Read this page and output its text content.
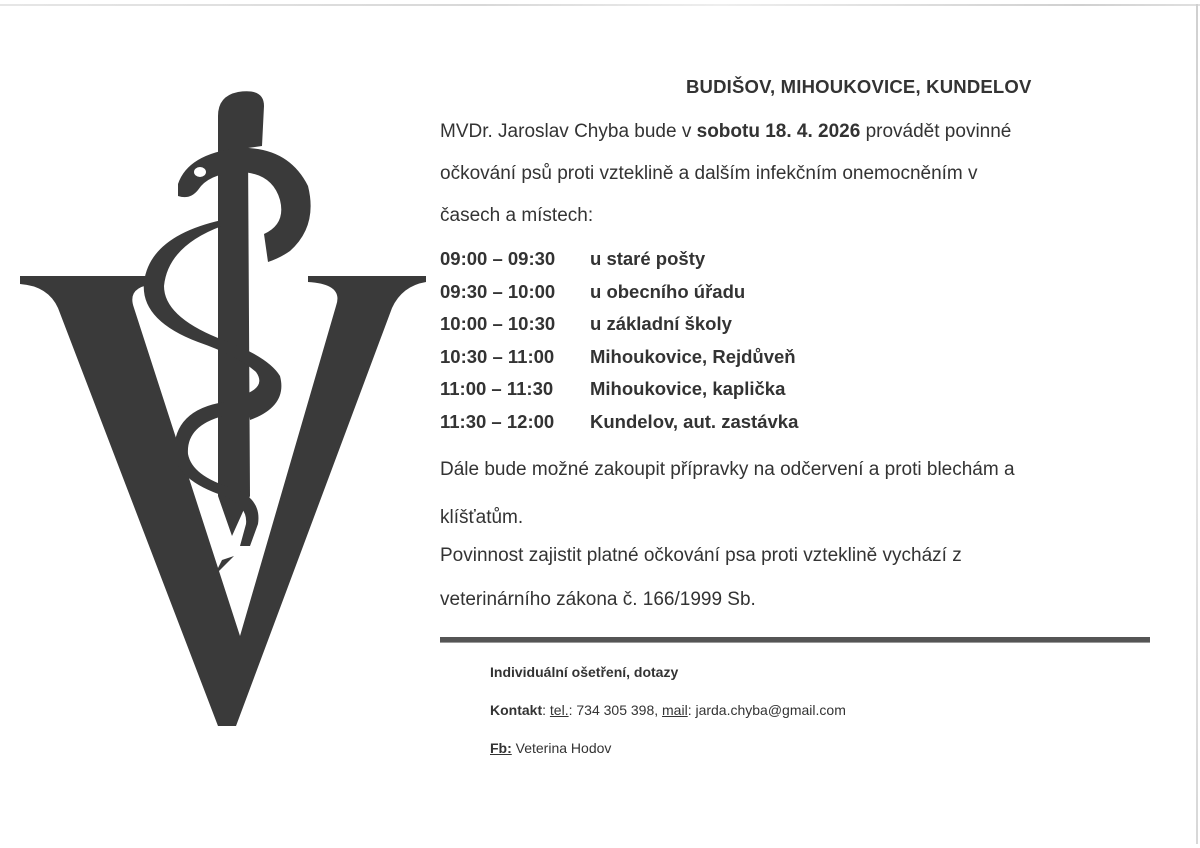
BUDIŠOV, MIHOUKOVICE, KUNDELOV
MVDr. Jaroslav Chyba bude v sobotu 18. 4. 2026 provádět povinné
očkování psů proti vzteklině a dalším infekčním onemocněním v
časech a místech:
09:00 – 09:30	u staré pošty
09:30 – 10:00	u obecního úřadu
10:00 – 10:30	u základní školy
10:30 – 11:00	Mihoukovice, Rejdůveň
11:00 – 11:30	Mihoukovice, kaplička
11:30 – 12:00	Kundelov, aut. zastávka
Dále bude možné zakoupit přípravky na odčervení a proti blechám a
klíšťatům.
Povinnost zajistit platné očkování psa proti vzteklině vychází z
veterinárního zákona č. 166/1999 Sb.
Individuální ošetření, dotazy
Kontakt: tel.: 734 305 398, mail: jarda.chyba@gmail.com
Fb: Veterina Hodov
